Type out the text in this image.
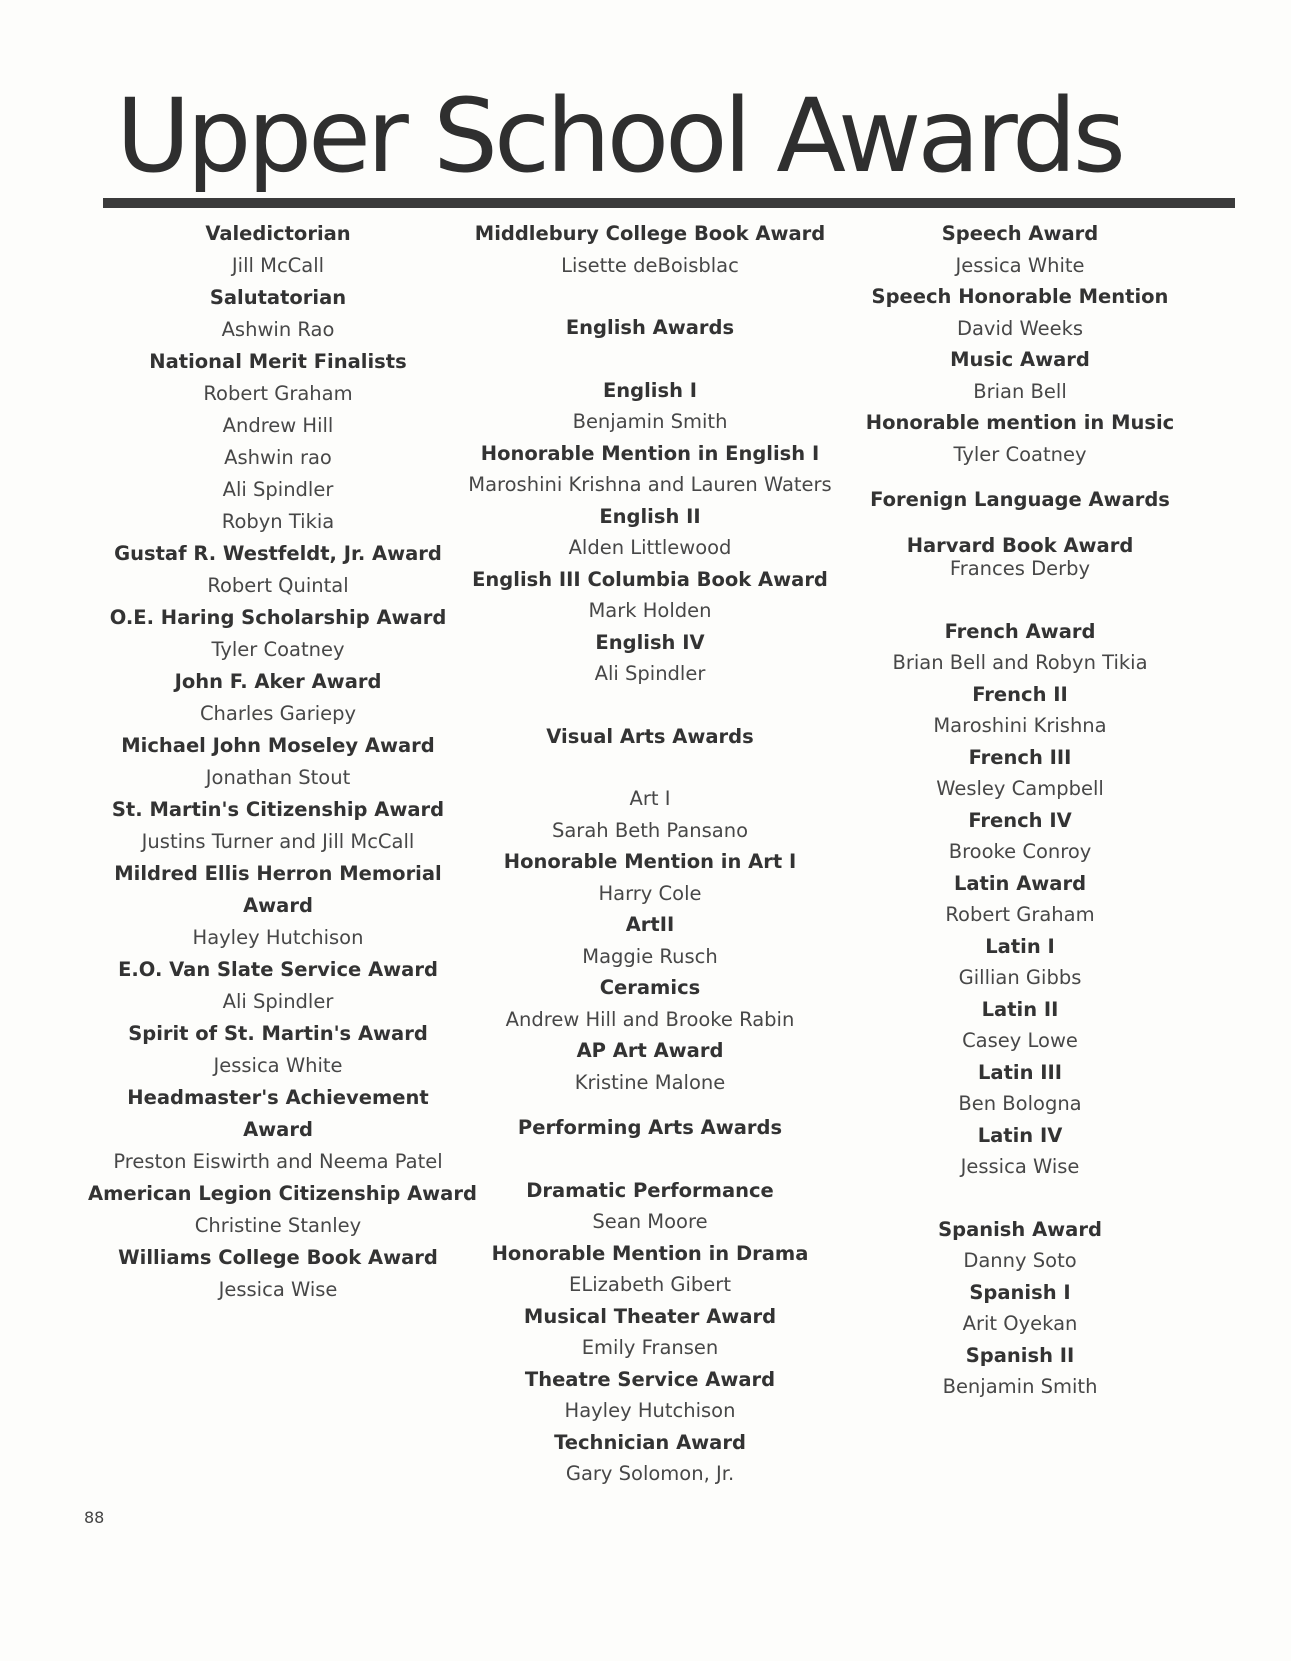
Upper School Awards
Valedictorian
Jill McCall
Salutatorian
Ashwin Rao
National Merit Finalists
Robert Graham
Andrew Hill
Ashwin rao
Ali Spindler
Robyn Tikia
Gustaf R. Westfeldt, Jr. Award
Robert Quintal
O.E. Haring Scholarship Award
Tyler Coatney
John F. Aker Award
Charles Gariepy
Michael John Moseley Award
Jonathan Stout
St. Martin's Citizenship Award
Justins Turner and Jill McCall
Mildred Ellis Herron Memorial
Award
Hayley Hutchison
E.O. Van Slate Service Award
Ali Spindler
Spirit of St. Martin's Award
Jessica White
Headmaster's Achievement
Award
Preston Eiswirth and Neema Patel
American Legion Citizenship Award
Christine Stanley
Williams College Book Award
Jessica Wise
Middlebury College Book Award
Lisette deBoisblac
English Awards
English I
Benjamin Smith
Honorable Mention in English I
Maroshini Krishna and Lauren Waters
English II
Alden Littlewood
English III Columbia Book Award
Mark Holden
English IV
Ali Spindler
Visual Arts Awards
Art I
Sarah Beth Pansano
Honorable Mention in Art I
Harry Cole
ArtII
Maggie Rusch
Ceramics
Andrew Hill and Brooke Rabin
AP Art Award
Kristine Malone
Performing Arts Awards
Dramatic Performance
Sean Moore
Honorable Mention in Drama
ELizabeth Gibert
Musical Theater Award
Emily Fransen
Theatre Service Award
Hayley Hutchison
Technician Award
Gary Solomon, Jr.
Speech Award
Jessica White
Speech Honorable Mention
David Weeks
Music Award
Brian Bell
Honorable mention in Music
Tyler Coatney
Forenign Language Awards
Harvard Book Award
Frances Derby
French Award
Brian Bell and Robyn Tikia
French II
Maroshini Krishna
French III
Wesley Campbell
French IV
Brooke Conroy
Latin Award
Robert Graham
Latin I
Gillian Gibbs
Latin II
Casey Lowe
Latin III
Ben Bologna
Latin IV
Jessica Wise
Spanish Award
Danny Soto
Spanish I
Arit Oyekan
Spanish II
Benjamin Smith
88
